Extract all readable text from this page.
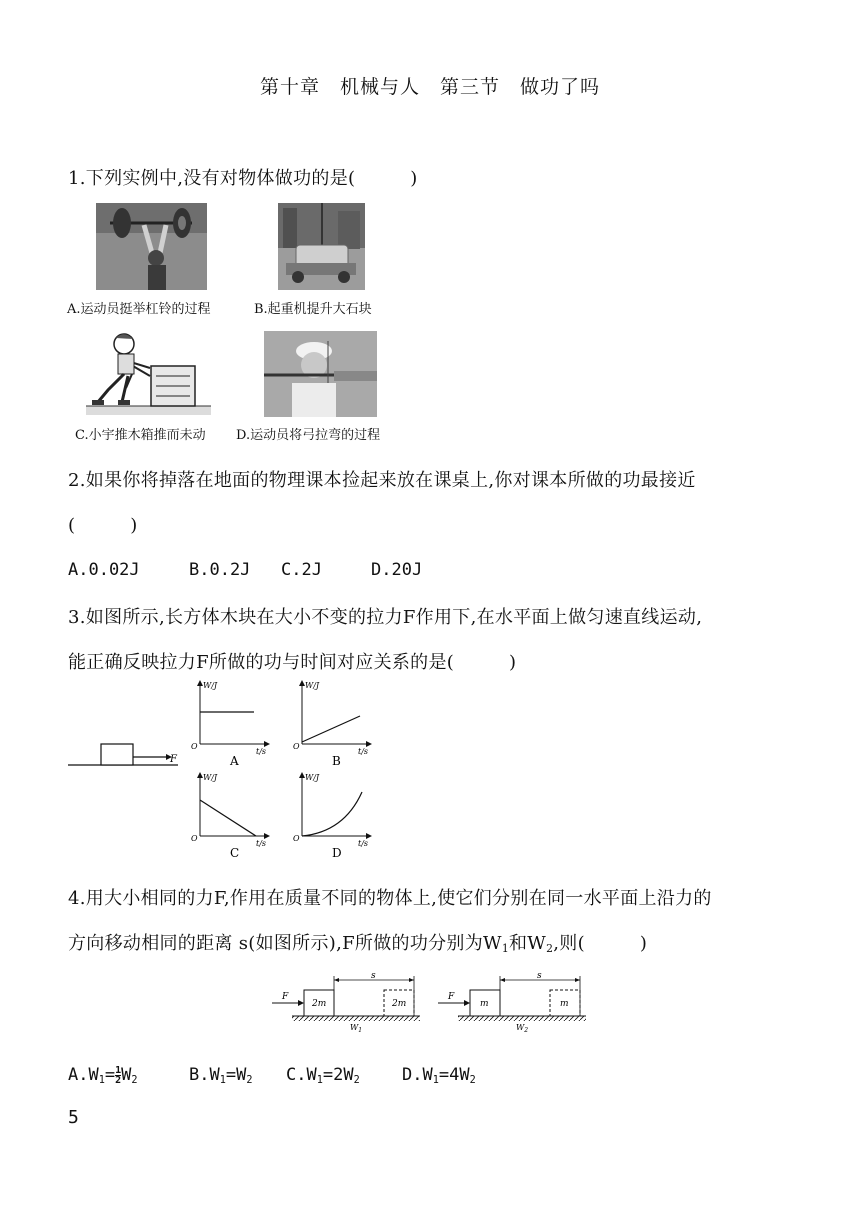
第十章　机械与人　第三节　做功了吗
1.下列实例中,没有对物体做功的是(　　　)
A.运动员挺举杠铃的过程	B.起重机提升大石块
C.小宇推木箱推而未动 D.运动员将弓拉弯的过程
2.如果你将掉落在地面的物理课本捡起来放在课桌上,你对课本所做的功最接近
(　　　)
A.0.02J	B.0.2J C.2J	D.20J
3.如图所示,长方体木块在大小不变的拉力F作用下,在水平面上做匀速直线运动,
能正确反映拉力F所做的功与时间对应关系的是(　　　)
F
W/J
t/s
O
A
W/J
t/s
O
B
W/J
t/s
O
C
W/J
t/s
O
D
4.用大小相同的力F,作用在质量不同的物体上,使它们分别在同一水平面上沿力的
方向移动相同的距离 s(如图所示),F所做的功分别为$W_1$和$W_2$,则(　　　)
F
2m
s
2m
$W_1$
F
m
s
m
$W_2$
$A.W_1= \frac{1}{2} W_2$	$B.W_1=W_2$ $C.W_1=2W_2$ $D.W_1=4W_2$
5
